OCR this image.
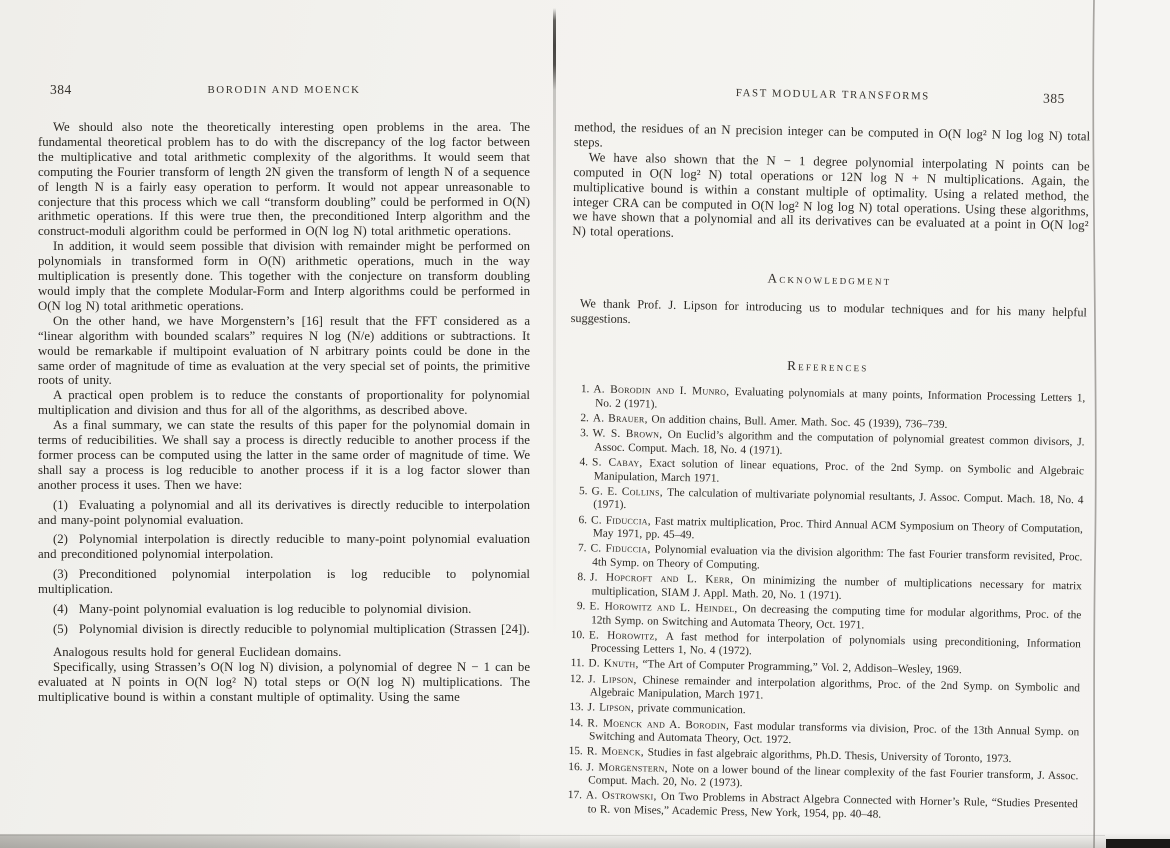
384	BORODIN AND MOENCK

We should also note the theoretically interesting open problems in the area. The fundamental theoretical problem has to do with the discrepancy of the log factor between the multiplicative and total arithmetic complexity of the algorithms. It would seem that computing the Fourier transform of length 2N given the transform of length N of a sequence of length N is a fairly easy operation to perform. It would not appear unreasonable to conjecture that this process which we call “transform doubling” could be performed in O(N) arithmetic operations. If this were true then, the preconditioned Interp algorithm and the construct-moduli algorithm could be performed in O(N log N) total arithmetic operations.

In addition, it would seem possible that division with remainder might be performed on polynomials in transformed form in O(N) arithmetic operations, much in the way multiplication is presently done. This together with the conjecture on transform doubling would imply that the complete Modular-Form and Interp algorithms could be performed in O(N log N) total arithmetic operations.

On the other hand, we have Morgenstern’s [16] result that the FFT considered as a “linear algorithm with bounded scalars” requires N log (N/e) additions or subtractions. It would be remarkable if multipoint evaluation of N arbitrary points could be done in the same order of magnitude of time as evaluation at the very special set of points, the primitive roots of unity.

A practical open problem is to reduce the constants of proportionality for polynomial multiplication and division and thus for all of the algorithms, as described above.

As a final summary, we can state the results of this paper for the polynomial domain in terms of reducibilities. We shall say a process is directly reducible to another process if the former process can be computed using the latter in the same order of magnitude of time. We shall say a process is log reducible to another process if it is a log factor slower than another process it uses. Then we have:

(1) Evaluating a polynomial and all its derivatives is directly reducible to interpolation and many-point polynomial evaluation.

(2) Polynomial interpolation is directly reducible to many-point polynomial evaluation and preconditioned polynomial interpolation.

(3) Preconditioned polynomial interpolation is log reducible to polynomial multiplication.

(4) Many-point polynomial evaluation is log reducible to polynomial division.

(5) Polynomial division is directly reducible to polynomial multiplication (Strassen [24]).

Analogous results hold for general Euclidean domains.

Specifically, using Strassen’s O(N log N) division, a polynomial of degree N − 1 can be evaluated at N points in O(N log² N) total steps or O(N log N) multiplications. The multiplicative bound is within a constant multiple of optimality. Using the same

FAST MODULAR TRANSFORMS	385

method, the residues of an N precision integer can be computed in O(N log² N log log N) total steps.

We have also shown that the N − 1 degree polynomial interpolating N points can be computed in O(N log² N) total operations or 12N log N + N multiplications. Again, the multiplicative bound is within a constant multiple of optimality. Using a related method, the integer CRA can be computed in O(N log² N log log N) total operations. Using these algorithms, we have shown that a polynomial and all its derivatives can be evaluated at a point in O(N log² N) total operations.

Acknowledgment

We thank Prof. J. Lipson for introducing us to modular techniques and for his many helpful suggestions.

References
1. A. Borodin and I. Munro, Evaluating polynomials at many points, Information Processing Letters 1, No. 2 (1971).
2. A. Brauer, On addition chains, Bull. Amer. Math. Soc. 45 (1939), 736–739.
3. W. S. Brown, On Euclid’s algorithm and the computation of polynomial greatest common divisors, J. Assoc. Comput. Mach. 18, No. 4 (1971).
4. S. Cabay, Exact solution of linear equations, Proc. of the 2nd Symp. on Symbolic and Algebraic Manipulation, March 1971.
5. G. E. Collins, The calculation of multivariate polynomial resultants, J. Assoc. Comput. Mach. 18, No. 4 (1971).
6. C. Fiduccia, Fast matrix multiplication, Proc. Third Annual ACM Symposium on Theory of Computation, May 1971, pp. 45–49.
7. C. Fiduccia, Polynomial evaluation via the division algorithm: The fast Fourier transform revisited, Proc. 4th Symp. on Theory of Computing.
8. J. Hopcroft and L. Kerr, On minimizing the number of multiplications necessary for matrix multiplication, SIAM J. Appl. Math. 20, No. 1 (1971).
9. E. Horowitz and L. Heindel, On decreasing the computing time for modular algorithms, Proc. of the 12th Symp. on Switching and Automata Theory, Oct. 1971.
10. E. Horowitz, A fast method for interpolation of polynomials using preconditioning, Information Processing Letters 1, No. 4 (1972).
11. D. Knuth, “The Art of Computer Programming,” Vol. 2, Addison–Wesley, 1969.
12. J. Lipson, Chinese remainder and interpolation algorithms, Proc. of the 2nd Symp. on Symbolic and Algebraic Manipulation, March 1971.
13. J. Lipson, private communication.
14. R. Moenck and A. Borodin, Fast modular transforms via division, Proc. of the 13th Annual Symp. on Switching and Automata Theory, Oct. 1972.
15. R. Moenck, Studies in fast algebraic algorithms, Ph.D. Thesis, University of Toronto, 1973.
16. J. Morgenstern, Note on a lower bound of the linear complexity of the fast Fourier transform, J. Assoc. Comput. Mach. 20, No. 2 (1973).
17. A. Ostrowski, On Two Problems in Abstract Algebra Connected with Horner’s Rule, “Studies Presented to R. von Mises,” Academic Press, New York, 1954, pp. 40–48.
